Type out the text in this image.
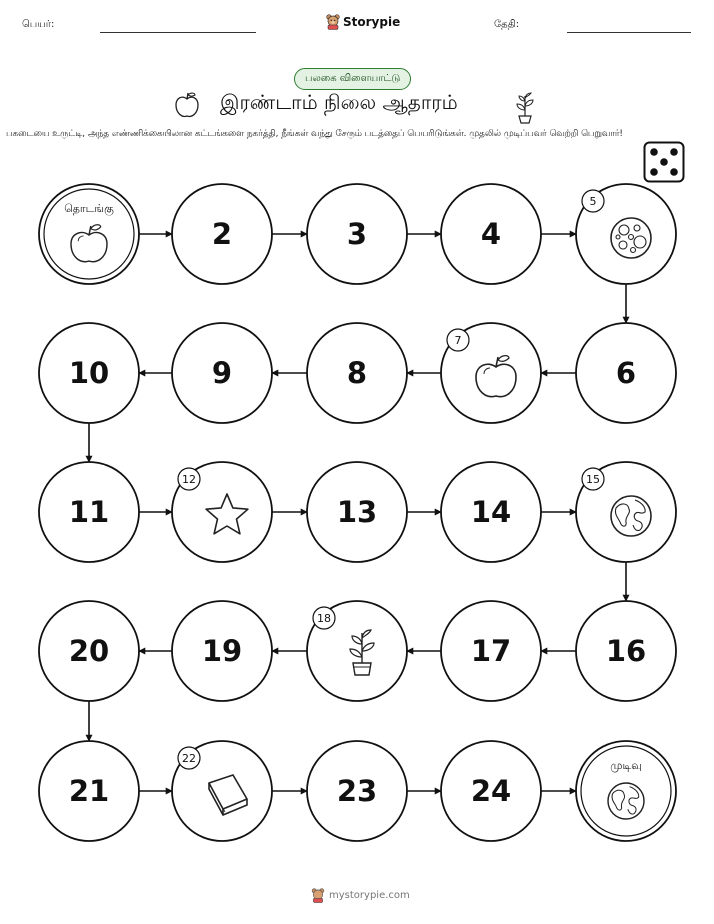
பெயர்:	Storypie	தேதி:
பலகை விளையாட்டு
இரண்டாம் நிலை ஆதாரம்
பகடையை உருட்டி, அந்த எண்ணிக்கையிலான கட்டங்களை நகர்த்தி, நீங்கள் வந்து சேரும் படத்தைப் பெயரிடுங்கள். முதலில் முடிப்பவர் வெற்றி பெறுவார்!
தொடங்கு
2	3	4
5
6
7
8
9
10
11
12
13	14
15
16
17
18
19
20
21
22
23	24
முடிவு
mystorypie.com
